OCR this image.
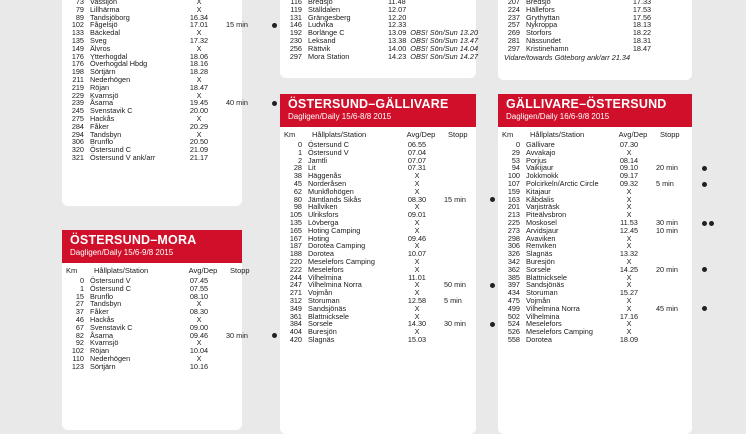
73 Vassijön	X
79 Lillhärma	X
89 Tandsjöborg	16.34
102 Fågelsjö	17.01	15 min
133 Bäckedal	X
135 Sveg	17.32
149 Älvros	X
176 Ytterhogdal	18.06
176 Överhogdal Hbdg	18.16
198 Sörtjärn	18.28
211 Nederhögen	X
219 Röjan	18.47
229 Kvarnsjö	X
239 Åsarna	19.45	40 min
245 Svenstavik C	20.00
275 Hackås	X
284 Fåker	20.29
294 Tandsbyn	X
306 Brunflo	20.50
320 Östersund C	21.09
321 Östersund V ank/arr	21.17
ÖSTERSUND–MORA
Dagligen/Daily 15/6-9/8 2015
Km	Hållplats/Station	Avg/Dep	Stopp
0 Östersund V	07.45
1 Östersund C	07.55
15 Brunflo	08.10
27 Tandsbyn	X
37 Fåker	08.30
46 Hackås	X
67 Svenstavik C	09.00
82 Åsarna	09.46	30 min
92 Kvarnsjö	X
102 Röjan	10.04
110 Nederhögen	X
123 Sörtjärn	10.16
116 Bredsjö	11.48
119 Ställdalen	12.07
131 Grängesberg	12.20
146 Ludvika	12.33
192 Borlänge C	13.09 OBS! Sön/Sun 13.20
230 Leksand	13.38 OBS! Sön/Sun 13.47
256 Rättvik	14.00 OBS! Sön/Sun 14.04
297 Mora Station	14.23 OBS! Sön/Sun 14.27
ÖSTERSUND–GÄLLIVARE
Dagligen/Daily 15/6-8/8 2015
Km	Hållplats/Station	Avg/Dep	Stopp
0 Östersund C	06.55
1 Östersund V	07.04
2 Jamtli	07.07
28 Lit	07.31
38 Häggenås	X
45 Norderåsen	X
62 Munkflohögen	X
80 Jämtlands Sikås	08.30	15 min
98 Hallviken	X
105 Ulriksfors	09.01
135 Lövberga	X
165 Hoting Camping	X
167 Hoting	09.46
187 Dorotea Camping	X
188 Dorotea	10.07
220 Meselefors Camping	X
222 Meselefors	X
244 Vilhelmina	11.01
247 Vilhelmina Norra	X	50 min
271 Vojmån	X
312 Storuman	12.58	5 min
349 Sandsjönäs	X
361 Blattnicksele	X
384 Sorsele	14.30	30 min
404 Buresjön	X
420 Slagnäs	15.03
207 Bredsjö	17.33
224 Hällefors	17.53
237 Grythyttan	17.56
257 Nykroppa	18.13
269 Storfors	18.22
281 Nässundet	18.31
297 Kristinehamn	18.47
Vidare/towards Göteborg ank/arr 21.34
GÄLLIVARE–ÖSTERSUND
Dagligen/Daily 16/6-9/8 2015
Km	Hållplats/Station	Avg/Dep	Stopp
0 Gällivare	07.30
29 Avvakajo	X
53 Porjus	08.14
94 Vaikijaur	09.10	20 min
100 Jokkmokk	09.17
107 Polcirkeln/Arctic Circle	09.32	5 min
159 Kitajaur	X
163 Kåbdalis	X
201 Varjisträsk	X
213 Piteälvsbron	X
225 Moskosel	11.53	30 min
273 Arvidsjaur	12.45	10 min
298 Avaviken	X
306 Renviken	X
326 Slagnäs	13.32
342 Buresjön	X
362 Sorsele	14.25	20 min
385 Blattnicksele	X
397 Sandsjönäs	X
434 Storuman	15.27
475 Vojmån	X
499 Vilhelmina Norra	X	45 min
502 Vilhelmina	17.16
524 Meselefors	X
526 Meselefors Camping	X
558 Dorotea	18.09
